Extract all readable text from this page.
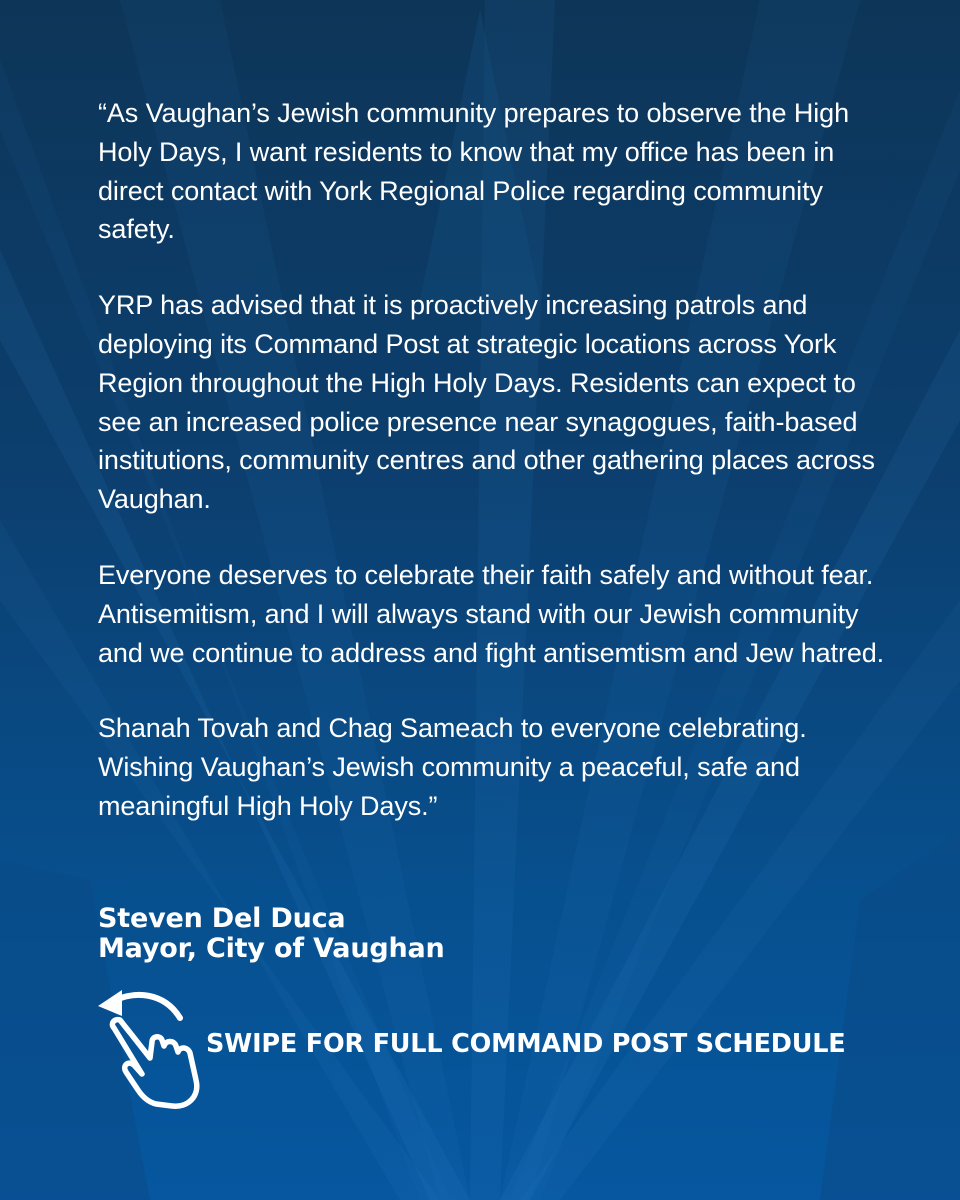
“As Vaughan’s Jewish community prepares to observe the High Holy Days, I want residents to know that my office has been in direct contact with York Regional Police regarding community safety.

YRP has advised that it is proactively increasing patrols and deploying its Command Post at strategic locations across York Region throughout the High Holy Days. Residents can expect to see an increased police presence near synagogues, faith-based institutions, community centres and other gathering places across Vaughan.

Everyone deserves to celebrate their faith safely and without fear. Antisemitism, and I will always stand with our Jewish community and we continue to address and fight antisemtism and Jew hatred.

Shanah Tovah and Chag Sameach to everyone celebrating. Wishing Vaughan’s Jewish community a peaceful, safe and meaningful High Holy Days.”

Steven Del Duca
Mayor, City of Vaughan
SWIPE FOR FULL COMMAND POST SCHEDULE
